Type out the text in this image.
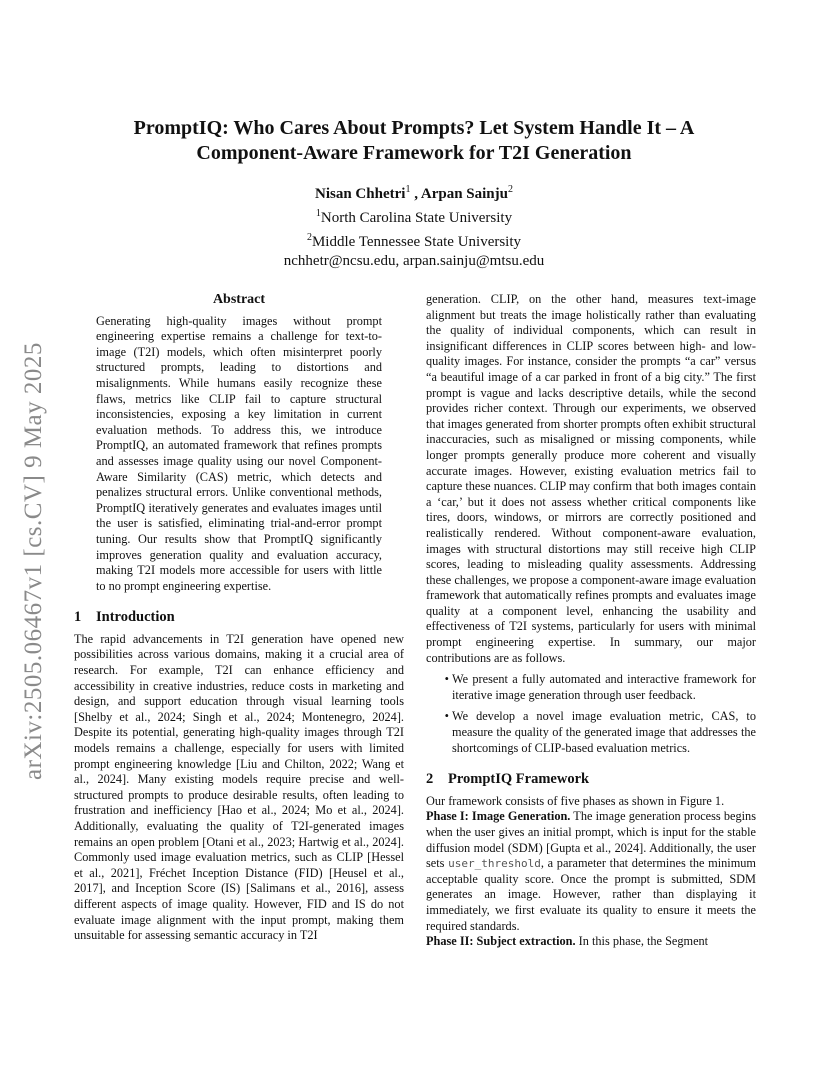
arXiv:2505.06467v1 [cs.CV] 9 May 2025
PromptIQ: Who Cares About Prompts? Let System Handle It – A
Component-Aware Framework for T2I Generation
Nisan Chhetri$^1$ , Arpan Sainju$^2$
$^1$North Carolina State University
$^2$Middle Tennessee State University
nchhetr@ncsu.edu, arpan.sainju@mtsu.edu
Abstract

Generating high-quality images without prompt engineering expertise remains a challenge for text-to-image (T2I) models, which often misinterpret poorly structured prompts, leading to distortions and misalignments. While humans easily recognize these flaws, metrics like CLIP fail to capture structural inconsistencies, exposing a key limitation in current evaluation methods. To address this, we introduce PromptIQ, an automated framework that refines prompts and assesses image quality using our novel Component-Aware Similarity (CAS) metric, which detects and penalizes structural errors. Unlike conventional methods, PromptIQ iteratively generates and evaluates images until the user is satisfied, eliminating trial-and-error prompt tuning. Our results show that PromptIQ significantly improves generation quality and evaluation accuracy, making T2I models more accessible for users with little to no prompt engineering expertise.

1 Introduction

The rapid advancements in T2I generation have opened new possibilities across various domains, making it a crucial area of research. For example, T2I can enhance efficiency and accessibility in creative industries, reduce costs in marketing and design, and support education through visual learning tools [Shelby et al., 2024; Singh et al., 2024; Montenegro, 2024]. Despite its potential, generating high-quality images through T2I models remains a challenge, especially for users with limited prompt engineering knowledge [Liu and Chilton, 2022; Wang et al., 2024]. Many existing models require precise and well-structured prompts to produce desirable results, often leading to frustration and inefficiency [Hao et al., 2024; Mo et al., 2024]. Additionally, evaluating the quality of T2I-generated images remains an open problem [Otani et al., 2023; Hartwig et al., 2024]. Commonly used image evaluation metrics, such as CLIP [Hessel et al., 2021], Fréchet Inception Distance (FID) [Heusel et al., 2017], and Inception Score (IS) [Salimans et al., 2016], assess different aspects of image quality. However, FID and IS do not evaluate image alignment with the input prompt, making them unsuitable for assessing semantic accuracy in T2I

generation. CLIP, on the other hand, measures text-image alignment but treats the image holistically rather than evaluating the quality of individual components, which can result in insignificant differences in CLIP scores between high- and low-quality images. For instance, consider the prompts “a car” versus “a beautiful image of a car parked in front of a big city.” The first prompt is vague and lacks descriptive details, while the second provides richer context. Through our experiments, we observed that images generated from shorter prompts often exhibit structural inaccuracies, such as misaligned or missing components, while longer prompts generally produce more coherent and visually accurate images. However, existing evaluation metrics fail to capture these nuances. CLIP may confirm that both images contain a ‘car,’ but it does not assess whether critical components like tires, doors, windows, or mirrors are correctly positioned and realistically rendered. Without component-aware evaluation, images with structural distortions may still receive high CLIP scores, leading to misleading quality assessments. Addressing these challenges, we propose a component-aware image evaluation framework that automatically refines prompts and evaluates image quality at a component level, enhancing the usability and effectiveness of T2I systems, particularly for users with minimal prompt engineering expertise. In summary, our major contributions are as follows.

• We present a fully automated and interactive framework for iterative image generation through user feedback.
• We develop a novel image evaluation metric, CAS, to measure the quality of the generated image that addresses the shortcomings of CLIP-based evaluation metrics.
2 PromptIQ Framework

Our framework consists of five phases as shown in Figure 1.

Phase I: Image Generation. The image generation process begins when the user gives an initial prompt, which is input for the stable diffusion model (SDM) [Gupta et al., 2024]. Additionally, the user sets user_threshold, a parameter that determines the minimum acceptable quality score. Once the prompt is submitted, SDM generates an image. However, rather than displaying it immediately, we first evaluate its quality to ensure it meets the required standards.

Phase II: Subject extraction. In this phase, the Segment
